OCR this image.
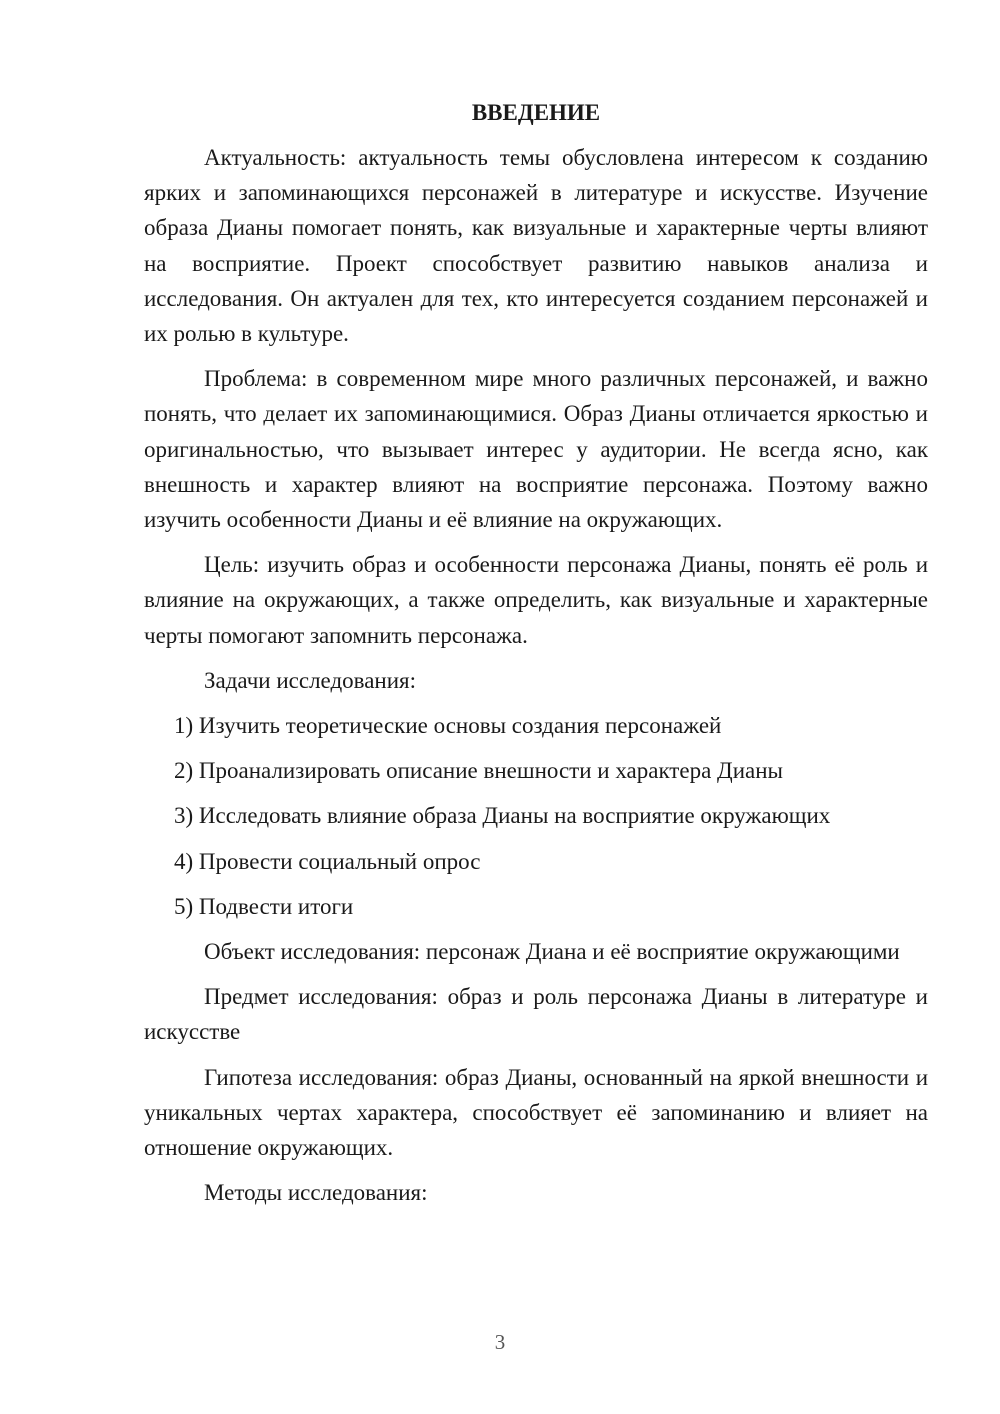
ВВЕДЕНИЕ

Актуальность: актуальность темы обусловлена интересом к созданию ярких и запоминающихся персонажей в литературе и искусстве. Изучение образа Дианы помогает понять, как визуальные и характерные черты влияют на восприятие. Проект способствует развитию навыков анализа и исследования. Он актуален для тех, кто интересуется созданием персонажей и их ролью в культуре.

Проблема: в современном мире много различных персонажей, и важно понять, что делает их запоминающимися. Образ Дианы отличается яркостью и оригинальностью, что вызывает интерес у аудитории. Не всегда ясно, как внешность и характер влияют на восприятие персонажа. Поэтому важно изучить особенности Дианы и её влияние на окружающих.

Цель: изучить образ и особенности персонажа Дианы, понять её роль и влияние на окружающих, а также определить, как визуальные и характерные черты помогают запомнить персонажа.

Задачи исследования:
1) Изучить теоретические основы создания персонажей
2) Проанализировать описание внешности и характера Дианы
3) Исследовать влияние образа Дианы на восприятие окружающих
4) Провести социальный опрос
5) Подвести итоги

Объект исследования: персонаж Диана и её восприятие окружающими

Предмет исследования: образ и роль персонажа Дианы в литературе и искусстве

Гипотеза исследования: образ Дианы, основанный на яркой внешности и уникальных чертах характера, способствует её запоминанию и влияет на отношение окружающих.

Методы исследования:
3
